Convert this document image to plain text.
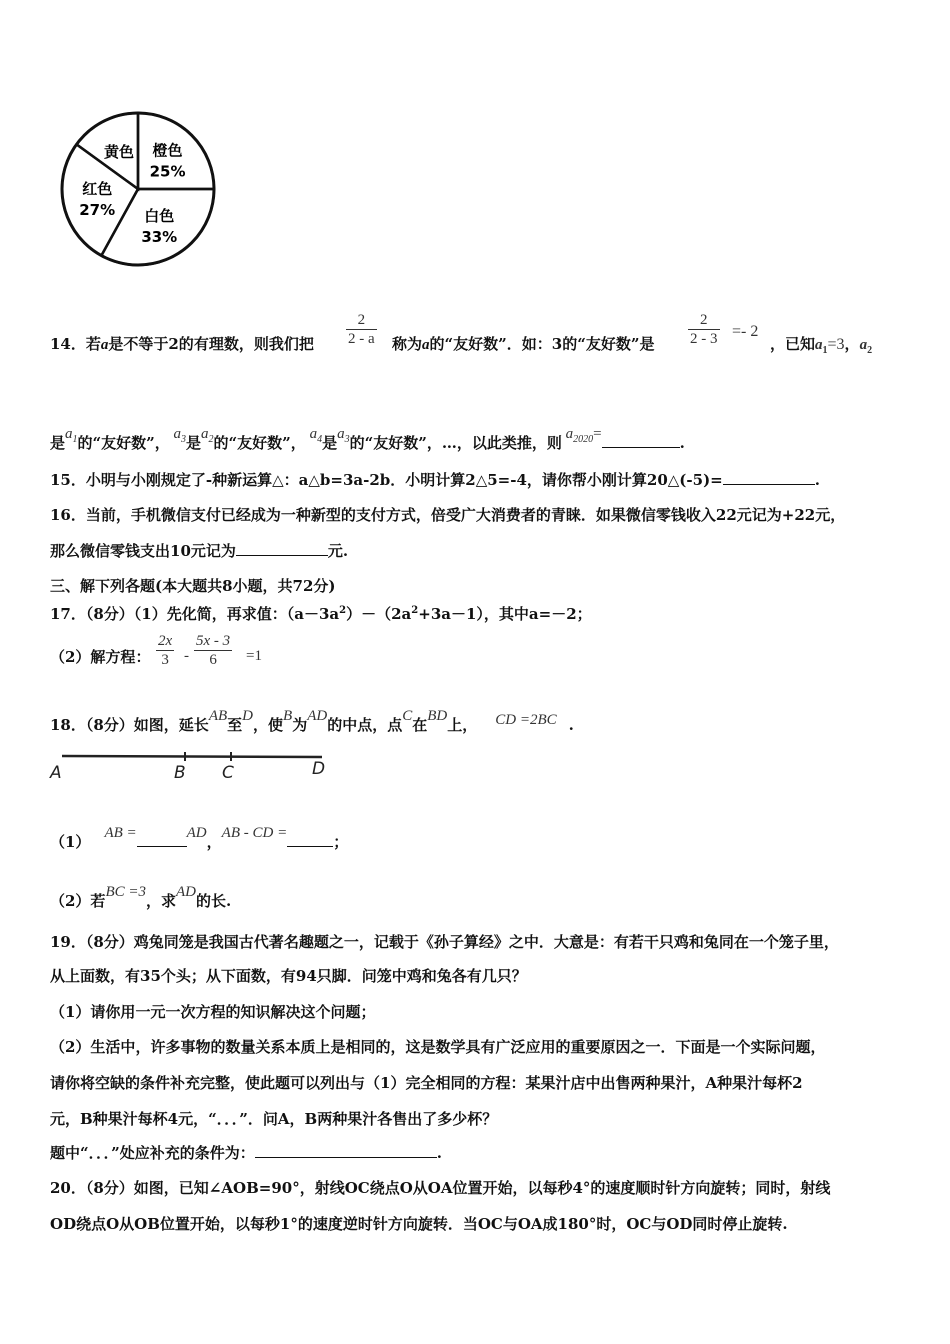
橙色
25%
白色
33%
红色
27%
黄色
14．若a是不等于2的有理数，则我们把 $\frac{2}{2 - a}$ 称为a的“友好数”．如：3的“友好数”是 $\frac{2}{2 - 3} =- 2$
，已知$a_1=3$，$a_2$
是$a_1$的“友好数”， $a_3$是$a_2$的“友好数”， $a_4$是$a_3$的“友好数”，…，以此类推，则 $a_{2020}=$	.
15．小明与小刚规定了-种新运算△：a△b=3a-2b．小明计算2△5=-4，请你帮小刚计算20△(-5)=	.
16．当前，手机微信支付已经成为一种新型的支付方式，倍受广大消费者的青睐．如果微信零钱收入22元记为+22元，
那么微信零钱支出10元记为	元.
三、解下列各题(本大题共8小题，共72分)
17．（8分）（1）先化简，再求值：$(a-3a^2)-(2a^2+3a-1)$，其中a=－2；
（2）解方程： $\frac{2x}{3} - \frac{5x - 3}{6} =1$
18．（8分）如图，延长AB至D，使B为AD的中点，点C在BD上， CD =2BC .
A	B C	D
（1） AB =	AD，AB - CD =	；
（2）若BC =3，求AD的长.
19．（8分）鸡兔同笼是我国古代著名趣题之一，记载于《孙子算经》之中．大意是：有若干只鸡和兔同在一个笼子里，
从上面数，有35个头；从下面数，有94只脚．问笼中鸡和兔各有几只？
（1）请你用一元一次方程的知识解决这个问题；
（2）生活中，许多事物的数量关系本质上是相同的，这是数学具有广泛应用的重要原因之一．下面是一个实际问题，
请你将空缺的条件补充完整，使此题可以列出与（1）完全相同的方程：某果汁店中出售两种果汁，A种果汁每杯2
元，B种果汁每杯4元，“．．．”．问A，B两种果汁各售出了多少杯？
题中“．．．”处应补充的条件为：	.
20．（8分）如图，已知∠AOB=90°，射线OC绕点O从OA位置开始，以每秒4°的速度顺时针方向旋转；同时，射线
OD绕点O从OB位置开始，以每秒1°的速度逆时针方向旋转．当OC与OA成180°时，OC与OD同时停止旋转.
